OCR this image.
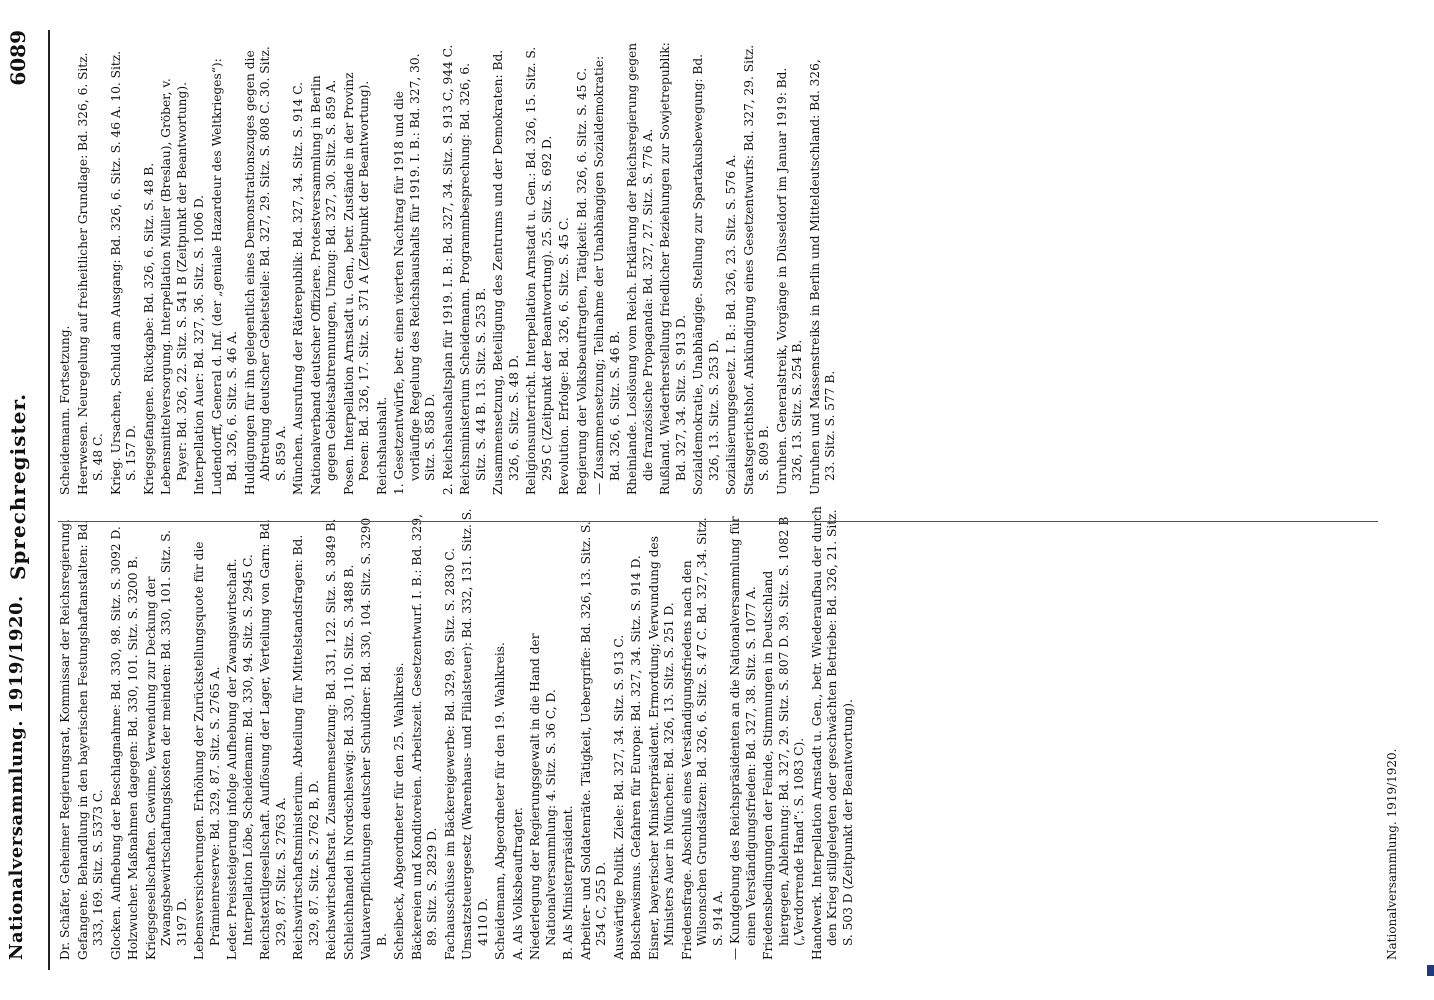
Nationalversammlung. 1919/1920.
Sprechregister.
6089
Dr. Schäfer, Geheimer Regierungsrat, Kommissar der Reichsregierung. Gefangene. Behandlung in den bayerischen Festungshaftanstalten: Bd. 333, 169. Sitz. S. 5373 C. Glocken. Aufhebung der Beschlagnahme: Bd. 330, 98. Sitz. S. 3092 D. Holzwucher. Maßnahmen dagegen: Bd. 330, 101. Sitz. S. 3200 B. Kriegsgesellschaften. Gewinne, Verwendung zur Deckung der Zwangsbewirtschaftungskosten der meinden: Bd. 330, 101. Sitz. S. 3197 D. Lebensversicherungen. Erhöhung der Zurückstellungsquote für die Prämienreserve: Bd. 329, 87. Sitz. S. 2765 A. Leder. Preissteigerung infolge Aufhebung der Zwangswirtschaft. Interpellation Löbe, Scheidemann: Bd. 330, 94. Sitz. S. 2945 C. Reichstextilgesellschaft. Auflösung der Lager, Verteilung von Garn: Bd. 329, 87. Sitz. S. 2763 A. Reichswirtschaftsministerium. Abteilung für Mittelstandsfragen: Bd. 329, 87. Sitz. S. 2762 B, D. Reichswirtschaftsrat. Zusammensetzung: Bd. 331, 122. Sitz. S. 3849 B. Schleichhandel in Nordschleswig: Bd. 330, 110. Sitz. S. 3488 B. Valutaverpflichtungen deutscher Schuldner: Bd. 330, 104. Sitz. S. 3290 B. Scheibeck, Abgeordneter für den 25. Wahlkreis. Bäckereien und Konditoreien. Arbeitszeit. Gesetzentwurf. I. B.: Bd. 329, 89. Sitz. S. 2829 D. Fachausschüsse im Bäckereigewerbe: Bd. 329, 89. Sitz. S. 2830 C. Umsatzsteuergesetz (Warenhaus- und Filialsteuer): Bd. 332, 131. Sitz. S. 4110 D. Scheidemann, Abgeordneter für den 19. Wahlkreis. A. Als Volksbeauftragter. Niederlegung der Regierungsgewalt in die Hand der Nationalversammlung: 4. Sitz. S. 36 C, D. B. Als Ministerpräsident. Arbeiter- und Soldatenräte. Tätigkeit, Uebergriffe: Bd. 326, 13. Sitz. S. 254 C, 255 D. Auswärtige Politik. Ziele: Bd. 327, 34. Sitz. S. 913 C. Bolschewismus. Gefahren für Europa: Bd. 327, 34. Sitz. S. 914 D. Eisner, bayerischer Ministerpräsident. Ermordung; Verwundung des Ministers Auer in München: Bd. 326, 13. Sitz. S. 251 D. Friedensfrage. Abschluß eines Verständigungsfriedens nach den Wilsonschen Grundsätzen: Bd. 326, 6. Sitz. S. 47 C. Bd. 327, 34. Sitz. S. 914 A. — Kundgebung des Reichspräsidenten an die Nationalversammlung für einen Verständigungsfrieden: Bd. 327, 38. Sitz. S. 1077 A. Friedensbedingungen der Feinde, Stimmungen in Deutschland hiergegen, Ablehnung: Bd. 327, 29. Sitz. S. 807 D. 39. Sitz. S. 1082 B („Verdorrende Hand“: S. 1083 C). Handwerk. Interpellation Arnstadt u. Gen., betr. Wiederaufbau der durch den Krieg stillgelegten oder geschwächten Betriebe: Bd. 326, 21. Sitz. S. 503 D (Zeitpunkt der Beantwortung).
Scheidemann. Fortsetzung. Heerwesen. Neuregelung auf freiheitlicher Grundlage: Bd. 326, 6. Sitz. S. 48 C. Krieg. Ursachen, Schuld am Ausgang: Bd. 326, 6. Sitz. S. 46 A. 10. Sitz. S. 157 D. Kriegsgefangene. Rückgabe: Bd. 326, 6. Sitz. S. 48 B. Lebensmittelversorgung. Interpellation Müller (Breslau), Gröber, v. Payer: Bd. 326, 22. Sitz. S. 541 B (Zeitpunkt der Beantwortung). Interpellation Auer: Bd. 327, 36. Sitz. S. 1006 D. Ludendorff, General d. Inf. (der „geniale Hazardeur des Weltkrieges“): Bd. 326, 6. Sitz. S. 46 A. Huldigungen für ihn gelegentlich eines Demonstrationszuges gegen die Abtretung deutscher Gebietsteile: Bd. 327, 29. Sitz. S. 808 C. 30. Sitz. S. 859 A. München. Ausrufung der Räterepublik: Bd. 327, 34. Sitz. S. 914 C. Nationalverband deutscher Offiziere. Protestversammlung in Berlin gegen Gebietsabtrennungen, Umzug: Bd. 327, 30. Sitz. S. 859 A. Posen. Interpellation Arnstadt u. Gen., betr. Zustände in der Provinz Posen: Bd. 326, 17. Sitz. S. 371 A (Zeitpunkt der Beantwortung). Reichshaushalt. 1. Gesetzentwürfe, betr. einen vierten Nachtrag für 1918 und die vorläufige Regelung des Reichshaushalts für 1919. I. B.: Bd. 327, 30. Sitz. S. 858 D. 2. Reichshaushaltsplan für 1919. I. B.: Bd. 327, 34. Sitz. S. 913 C, 944 C. Reichsministerium Scheidemann. Programmbesprechung: Bd. 326, 6. Sitz. S. 44 B. 13. Sitz. S. 253 B. Zusammensetzung, Beteiligung des Zentrums und der Demokraten: Bd. 326, 6. Sitz. S. 48 D. Religionsunterricht. Interpellation Arnstadt u. Gen.: Bd. 326, 15. Sitz. S. 295 C (Zeitpunkt der Beantwortung). 25. Sitz. S. 692 D. Revolution. Erfolge: Bd. 326, 6. Sitz. S. 45 C. Regierung der Volksbeauftragten, Tätigkeit: Bd. 326, 6. Sitz. S. 45 C. — Zusammensetzung; Teilnahme der Unabhängigen Sozialdemokratie: Bd. 326, 6. Sitz. S. 46 B. Rheinlande. Loslösung vom Reich. Erklärung der Reichsregierung gegen die französische Propaganda: Bd. 327, 27. Sitz. S. 776 A. Rußland. Wiederherstellung friedlicher Beziehungen zur Sowjetrepublik: Bd. 327, 34. Sitz. S. 913 D. Sozialdemokratie, Unabhängige. Stellung zur Spartakusbewegung: Bd. 326, 13. Sitz. S. 253 D. Sozialisierungsgesetz. I. B.: Bd. 326, 23. Sitz. S. 576 A. Staatsgerichtshof. Ankündigung eines Gesetzentwurfs: Bd. 327, 29. Sitz. S. 809 B. Unruhen. Generalstreik, Vorgänge in Düsseldorf im Januar 1919: Bd. 326, 13. Sitz. S. 254 B. Unruhen und Massenstreiks in Berlin und Mitteldeutschland: Bd. 326, 23. Sitz. S. 577 B.
Nationalversammlung. 1919/1920.
